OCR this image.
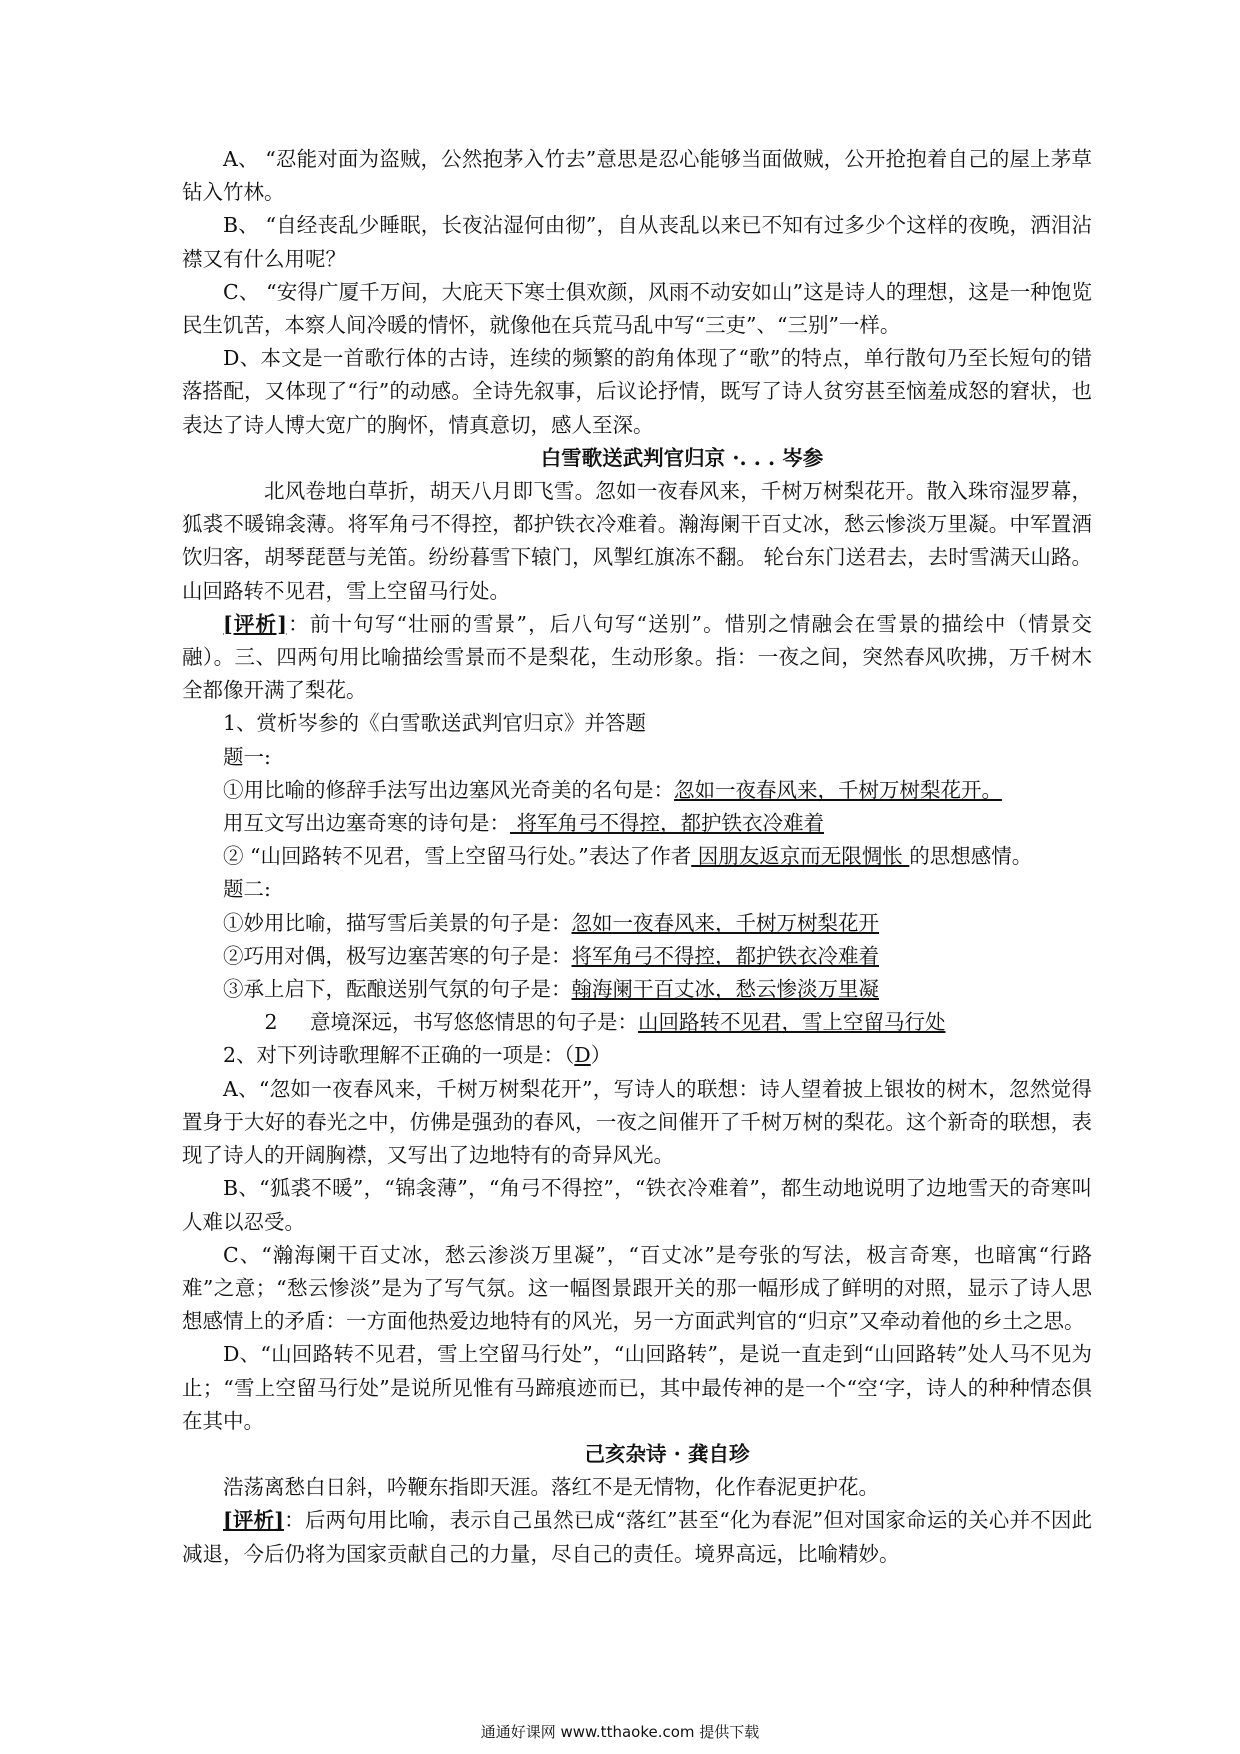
A、 “忍能对面为盗贼，公然抱茅入竹去”意思是忍心能够当面做贼，公开抢抱着自己的屋上茅草钻入竹林。

B、 “自经丧乱少睡眠，长夜沾湿何由彻”，自从丧乱以来已不知有过多少个这样的夜晚，洒泪沾襟又有什么用呢？

C、 “安得广厦千万间，大庇天下寒士俱欢颜，风雨不动安如山”这是诗人的理想，这是一种饱览民生饥苦，本察人间冷暖的情怀，就像他在兵荒马乱中写“三吏”、“三别”一样。

D、本文是一首歌行体的古诗，连续的频繁的韵角体现了“歌”的特点，单行散句乃至长短句的错落搭配，又体现了“行”的动感。全诗先叙事，后议论抒情，既写了诗人贫穷甚至恼羞成怒的窘状，也表达了诗人博大宽广的胸怀，情真意切，感人至深。

白雪歌送武判官归京 ·. . . 岑参

北风卷地白草折，胡天八月即飞雪。忽如一夜春风来，千树万树梨花开。散入珠帘湿罗幕，狐裘不暖锦衾薄。将军角弓不得控，都护铁衣冷难着。瀚海阑干百丈冰，愁云惨淡万里凝。中军置酒饮归客，胡琴琵琶与羌笛。纷纷暮雪下辕门，风掣红旗冻不翻。 轮台东门送君去，去时雪满天山路。山回路转不见君，雪上空留马行处。

[评析]：前十句写“壮丽的雪景”，后八句写“送别”。惜别之情融会在雪景的描绘中（情景交融）。三、四两句用比喻描绘雪景而不是梨花，生动形象。指：一夜之间，突然春风吹拂，万千树木全都像开满了梨花。

1、赏析岑参的《白雪歌送武判官归京》并答题

题一:

①用比喻的修辞手法写出边塞风光奇美的名句是：忽如一夜春风来，千树万树梨花开。

用互文写出边塞奇寒的诗句是： 将军角弓不得控，都护铁衣冷难着

② “山回路转不见君，雪上空留马行处。”表达了作者 因朋友返京而无限惆怅 的思想感情。

题二:

①妙用比喻，描写雪后美景的句子是：忽如一夜春风来，千树万树梨花开

②巧用对偶，极写边塞苦寒的句子是：将军角弓不得控，都护铁衣冷难着

③承上启下，酝酿送别气氛的句子是：翰海阑干百丈冰，愁云惨淡万里凝

2 意境深远，书写悠悠情思的句子是：山回路转不见君，雪上空留马行处

2、对下列诗歌理解不正确的一项是：（D）

A、“忽如一夜春风来，千树万树梨花开”，写诗人的联想：诗人望着披上银妆的树木，忽然觉得置身于大好的春光之中，仿佛是强劲的春风，一夜之间催开了千树万树的梨花。这个新奇的联想，表现了诗人的开阔胸襟，又写出了边地特有的奇异风光。

B、“狐裘不暖”，“锦衾薄”，“角弓不得控”，“铁衣冷难着”，都生动地说明了边地雪天的奇寒叫人难以忍受。

C、“瀚海阑干百丈冰，愁云渗淡万里凝”，“百丈冰”是夸张的写法，极言奇寒，也暗寓“行路难”之意；“愁云惨淡”是为了写气氛。这一幅图景跟开关的那一幅形成了鲜明的对照，显示了诗人思想感情上的矛盾：一方面他热爱边地特有的风光，另一方面武判官的“归京”又牵动着他的乡土之思。

D、“山回路转不见君，雪上空留马行处”，“山回路转”，是说一直走到“山回路转”处人马不见为止；“雪上空留马行处”是说所见惟有马蹄痕迹而已，其中最传神的是一个“空‘字，诗人的种种情态俱在其中。

己亥杂诗 · 龚自珍

浩荡离愁白日斜，吟鞭东指即天涯。落红不是无情物，化作春泥更护花。

[评析]：后两句用比喻，表示自己虽然已成“落红”甚至“化为春泥”但对国家命运的关心并不因此减退，今后仍将为国家贡献自己的力量，尽自己的责任。境界高远，比喻精妙。

通通好课网 www.tthaoke.com 提供下载
